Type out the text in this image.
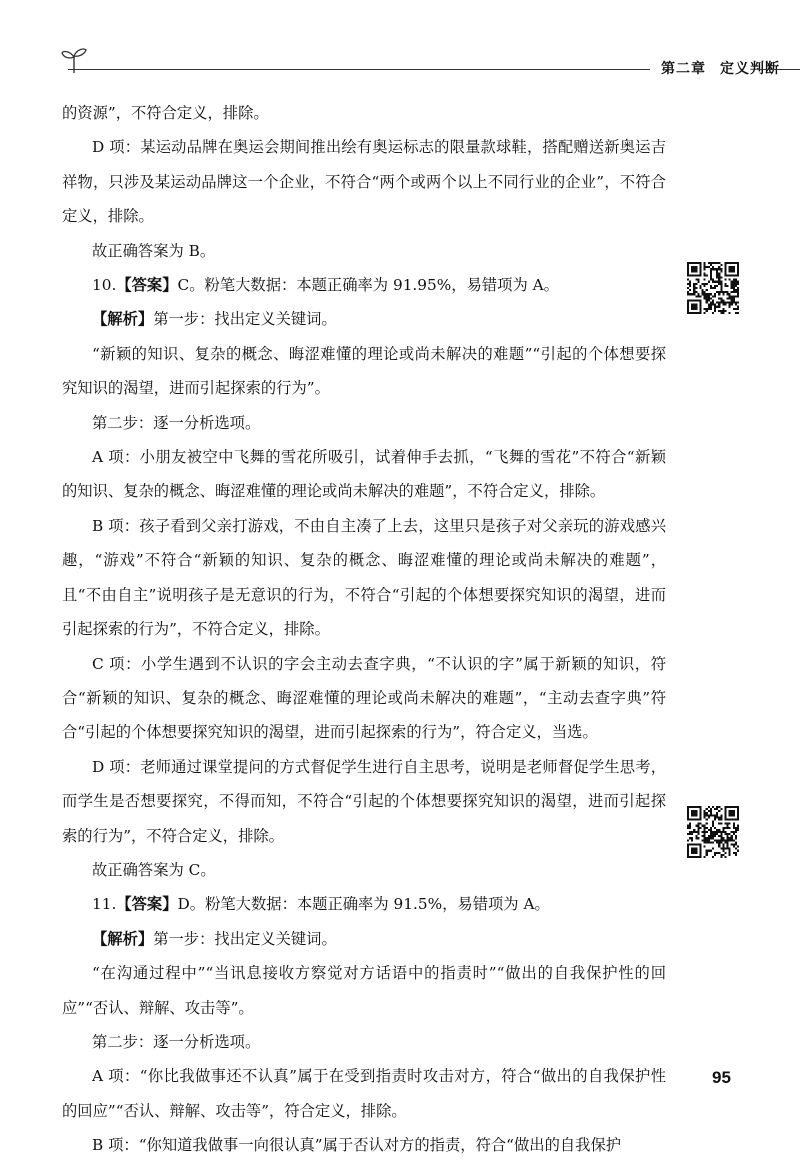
第二章 定义判断

的资源”，不符合定义，排除。

D 项：某运动品牌在奥运会期间推出绘有奥运标志的限量款球鞋，搭配赠送新奥运吉祥物，只涉及某运动品牌这一个企业，不符合“两个或两个以上不同行业的企业”，不符合定义，排除。

故正确答案为 B。

10.【答案】C。粉笔大数据：本题正确率为 91.95%，易错项为 A。

【解析】第一步：找出定义关键词。

“新颖的知识、复杂的概念、晦涩难懂的理论或尚未解决的难题”“引起的个体想要探究知识的渴望，进而引起探索的行为”。

第二步：逐一分析选项。

A 项：小朋友被空中飞舞的雪花所吸引，试着伸手去抓，“飞舞的雪花”不符合“新颖的知识、复杂的概念、晦涩难懂的理论或尚未解决的难题”，不符合定义，排除。

B 项：孩子看到父亲打游戏，不由自主凑了上去，这里只是孩子对父亲玩的游戏感兴趣，“游戏”不符合“新颖的知识、复杂的概念、晦涩难懂的理论或尚未解决的难题”，且“不由自主”说明孩子是无意识的行为，不符合“引起的个体想要探究知识的渴望，进而引起探索的行为”，不符合定义，排除。

C 项：小学生遇到不认识的字会主动去查字典，“不认识的字”属于新颖的知识，符合“新颖的知识、复杂的概念、晦涩难懂的理论或尚未解决的难题”，“主动去查字典”符合“引起的个体想要探究知识的渴望，进而引起探索的行为”，符合定义，当选。

D 项：老师通过课堂提问的方式督促学生进行自主思考，说明是老师督促学生思考，而学生是否想要探究，不得而知，不符合“引起的个体想要探究知识的渴望，进而引起探索的行为”，不符合定义，排除。

故正确答案为 C。

11.【答案】D。粉笔大数据：本题正确率为 91.5%，易错项为 A。

【解析】第一步：找出定义关键词。

“在沟通过程中”“当讯息接收方察觉对方话语中的指责时”“做出的自我保护性的回应”“否认、辩解、攻击等”。

第二步：逐一分析选项。

A 项：“你比我做事还不认真”属于在受到指责时攻击对方，符合“做出的自我保护性的回应”“否认、辩解、攻击等”，符合定义，排除。

B 项：“你知道我做事一向很认真”属于否认对方的指责，符合“做出的自我保护

95
